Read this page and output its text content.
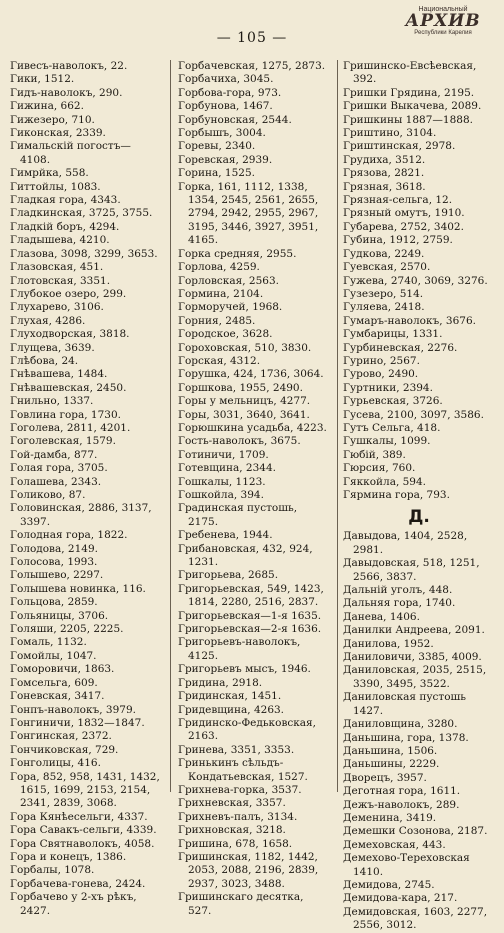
— 105 —
Национальный
АРХИВ
Республики Карелия
Гивесъ-наволокъ, 22.
Гики, 1512.
Гидъ-наволокъ, 290.
Гижина, 662.
Гижезеро, 710.
Гиконская, 2339.
Гимальскій погостъ— 4108.
Гимрйка, 558.
Гиттойлы, 1083.
Гладкая гора, 4343.
Гладкинская, 3725, 3755.
Гладкій боръ, 4294.
Гладышева, 4210.
Глазова, 3098, 3299, 3653.
Глазовская, 451.
Глотовская, 3351.
Глубокое озеро, 299.
Глухарево, 3106.
Глухая, 4286.
Глуходворская, 3818.
Глущева, 3639.
Глѣбова, 24.
Гнѣвашева, 1484.
Гнѣвашевская, 2450.
Гнильно, 1337.
Говлина гора, 1730.
Гоголева, 2811, 4201.
Гоголевская, 1579.
Гой-дамба, 877.
Голая гора, 3705.
Голашева, 2343.
Голиково, 87.
Головинская, 2886, 3137, 3397.
Голодная гора, 1822.
Голодова, 2149.
Голосова, 1993.
Голышево, 2297.
Голышева новинка, 116.
Гольцова, 2859.
Гольяницы, 3706.
Голяши, 2205, 2225.
Гомаль, 1132.
Гомойлы, 1047.
Гоморовичи, 1863.
Гомсельга, 609.
Гоневская, 3417.
Гонпъ-наволокъ, 3979.
Гонгиничи, 1832—1847.
Гонгинская, 2372.
Гончиковская, 729.
Гонголицы, 416.
Гора, 852, 958, 1431, 1432, 1615, 1699, 2153, 2154, 2341, 2839, 3068.
Гора Кянѣесельги, 4337.
Гора Савакъ-сельги, 4339.
Гора Святнаволокъ, 4058.
Гора и конецъ, 1386.
Горбалы, 1078.
Горбачева-гонева, 2424.
Горбачево у 2-хъ рѣкъ, 2427.
Горбачевская, 1275, 2873.
Горбачиха, 3045.
Горбова-гора, 973.
Горбунова, 1467.
Горбуновская, 2544.
Горбышъ, 3004.
Горевы, 2340.
Горевская, 2939.
Горина, 1525.
Горка, 161, 1112, 1338, 1354, 2545, 2561, 2655, 2794, 2942, 2955, 2967, 3195, 3446, 3927, 3951, 4165.
Горка средняя, 2955.
Горлова, 4259.
Горловская, 2563.
Гормина, 2104.
Горморучей, 1968.
Горния, 2485.
Городское, 3628.
Гороховская, 510, 3830.
Горская, 4312.
Горушка, 424, 1736, 3064.
Горшкова, 1955, 2490.
Горы у мельницъ, 4277.
Горы, 3031, 3640, 3641.
Горюшкина усадьба, 4223.
Гость-наволокъ, 3675.
Готиничи, 1709.
Готевщина, 2344.
Гошкалы, 1123.
Гошкойла, 394.
Градинская пустошь, 2175.
Гребенева, 1944.
Грибановская, 432, 924, 1231.
Григорьева, 2685.
Григорьевская, 549, 1423, 1814, 2280, 2516, 2837.
Григорьевская—1-я 1635.
Григорьевская—2-я 1636.
Григорьевъ-наволокъ, 4125.
Григорьевъ мысъ, 1946.
Гридина, 2918.
Гридинская, 1451.
Гридевщина, 4263.
Гридинско-Федьковская, 2163.
Гринева, 3351, 3353.
Гринькинъ сѣльдъ-Кондатьевская, 1527.
Грихнева-горка, 3537.
Грихневская, 3357.
Грихневъ-палъ, 3134.
Грихновская, 3218.
Гришина, 678, 1658.
Гришинская, 1182, 1442, 2053, 2088, 2196, 2839, 2937, 3023, 3488.
Гришинскаго десятка, 527.
Гришинско-Евсѣевская, 392.
Гришки Грядина, 2195.
Гришки Выкачева, 2089.
Гришкины 1887—1888.
Гриштино, 3104.
Гриштинская, 2978.
Грудиха, 3512.
Грязова, 2821.
Грязная, 3618.
Грязная-сельга, 12.
Грязный омутъ, 1910.
Губарева, 2752, 3402.
Губина, 1912, 2759.
Гудкова, 2249.
Гуевская, 2570.
Гужева, 2740, 3069, 3276.
Гузезеро, 514.
Гуляева, 2418.
Гумаръ-наволокъ, 3676.
Гумбарицы, 1331.
Гурбиневская, 2276.
Гурино, 2567.
Гурово, 2490.
Гуртники, 2394.
Гурьевская, 3726.
Гусева, 2100, 3097, 3586.
Гутъ Сельга, 418.
Гушкалы, 1099.
Гюбій, 389.
Гюрсия, 760.
Гяккойла, 594.
Гярмина гора, 793.
Д.
Давыдова, 1404, 2528, 2981.
Давыдовская, 518, 1251, 2566, 3837.
Дальній уголъ, 448.
Дальняя гора, 1740.
Данева, 1406.
Данилки Андреева, 2091.
Данилова, 1952.
Даниловичи, 3385, 4009.
Даниловская, 2035, 2515, 3390, 3495, 3522.
Даниловская пустошь 1427.
Даниловщина, 3280.
Даньшина, гора, 1378.
Даньшина, 1506.
Даньшины, 2229.
Дворецъ, 3957.
Деготная гора, 1611.
Дежъ-наволокъ, 289.
Деменина, 3419.
Демешки Созонова, 2187.
Демеховская, 443.
Демехово-Тереховская 1410.
Демидова, 2745.
Демидова-кара, 217.
Демидовская, 1603, 2277, 2556, 3012.
